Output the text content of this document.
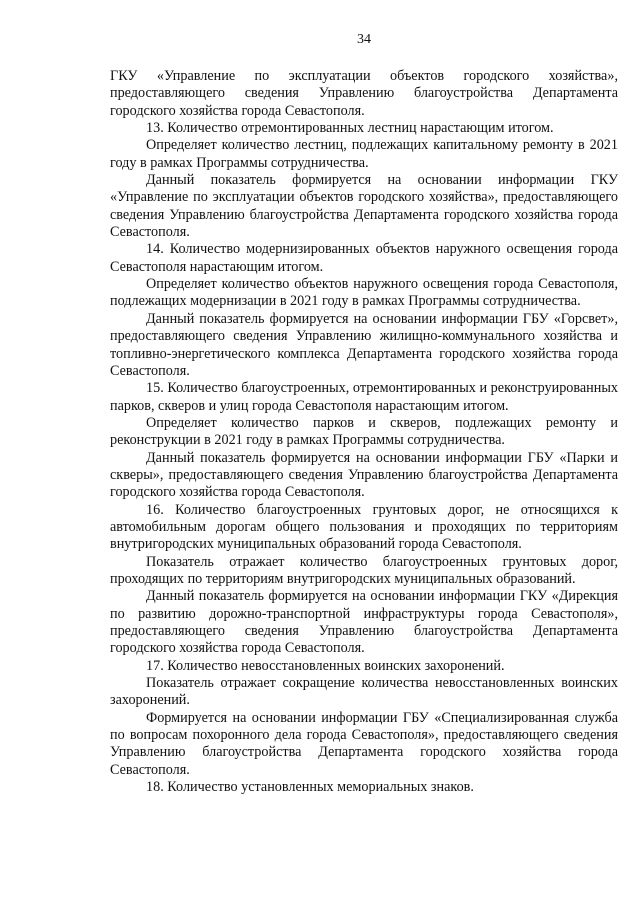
34

ГКУ «Управление по эксплуатации объектов городского хозяйства», предоставляющего сведения Управлению благоустройства Департамента городского хозяйства города Севастополя.

13. Количество отремонтированных лестниц нарастающим итогом.

Определяет количество лестниц, подлежащих капитальному ремонту в 2021 году в рамках Программы сотрудничества.

Данный показатель формируется на основании информации ГКУ «Управление по эксплуатации объектов городского хозяйства», предоставляющего сведения Управлению благоустройства Департамента городского хозяйства города Севастополя.

14. Количество модернизированных объектов наружного освещения города Севастополя нарастающим итогом.

Определяет количество объектов наружного освещения города Севастополя, подлежащих модернизации в 2021 году в рамках Программы сотрудничества.

Данный показатель формируется на основании информации ГБУ «Горсвет», предоставляющего сведения Управлению жилищно-коммунального хозяйства и топливно-энергетического комплекса Департамента городского хозяйства города Севастополя.

15. Количество благоустроенных, отремонтированных и реконструированных парков, скверов и улиц города Севастополя нарастающим итогом.

Определяет количество парков и скверов, подлежащих ремонту и реконструкции в 2021 году в рамках Программы сотрудничества.

Данный показатель формируется на основании информации ГБУ «Парки и скверы», предоставляющего сведения Управлению благоустройства Департамента городского хозяйства города Севастополя.

16. Количество благоустроенных грунтовых дорог, не относящихся к автомобильным дорогам общего пользования и проходящих по территориям внутригородских муниципальных образований города Севастополя.

Показатель отражает количество благоустроенных грунтовых дорог, проходящих по территориям внутригородских муниципальных образований.

Данный показатель формируется на основании информации ГКУ «Дирекция по развитию дорожно-транспортной инфраструктуры города Севастополя», предоставляющего сведения Управлению благоустройства Департамента городского хозяйства города Севастополя.

17. Количество невосстановленных воинских захоронений.

Показатель отражает сокращение количества невосстановленных воинских захоронений.

Формируется на основании информации ГБУ «Специализированная служба по вопросам похоронного дела города Севастополя», предоставляющего сведения Управлению благоустройства Департамента городского хозяйства города Севастополя.

18. Количество установленных мемориальных знаков.
